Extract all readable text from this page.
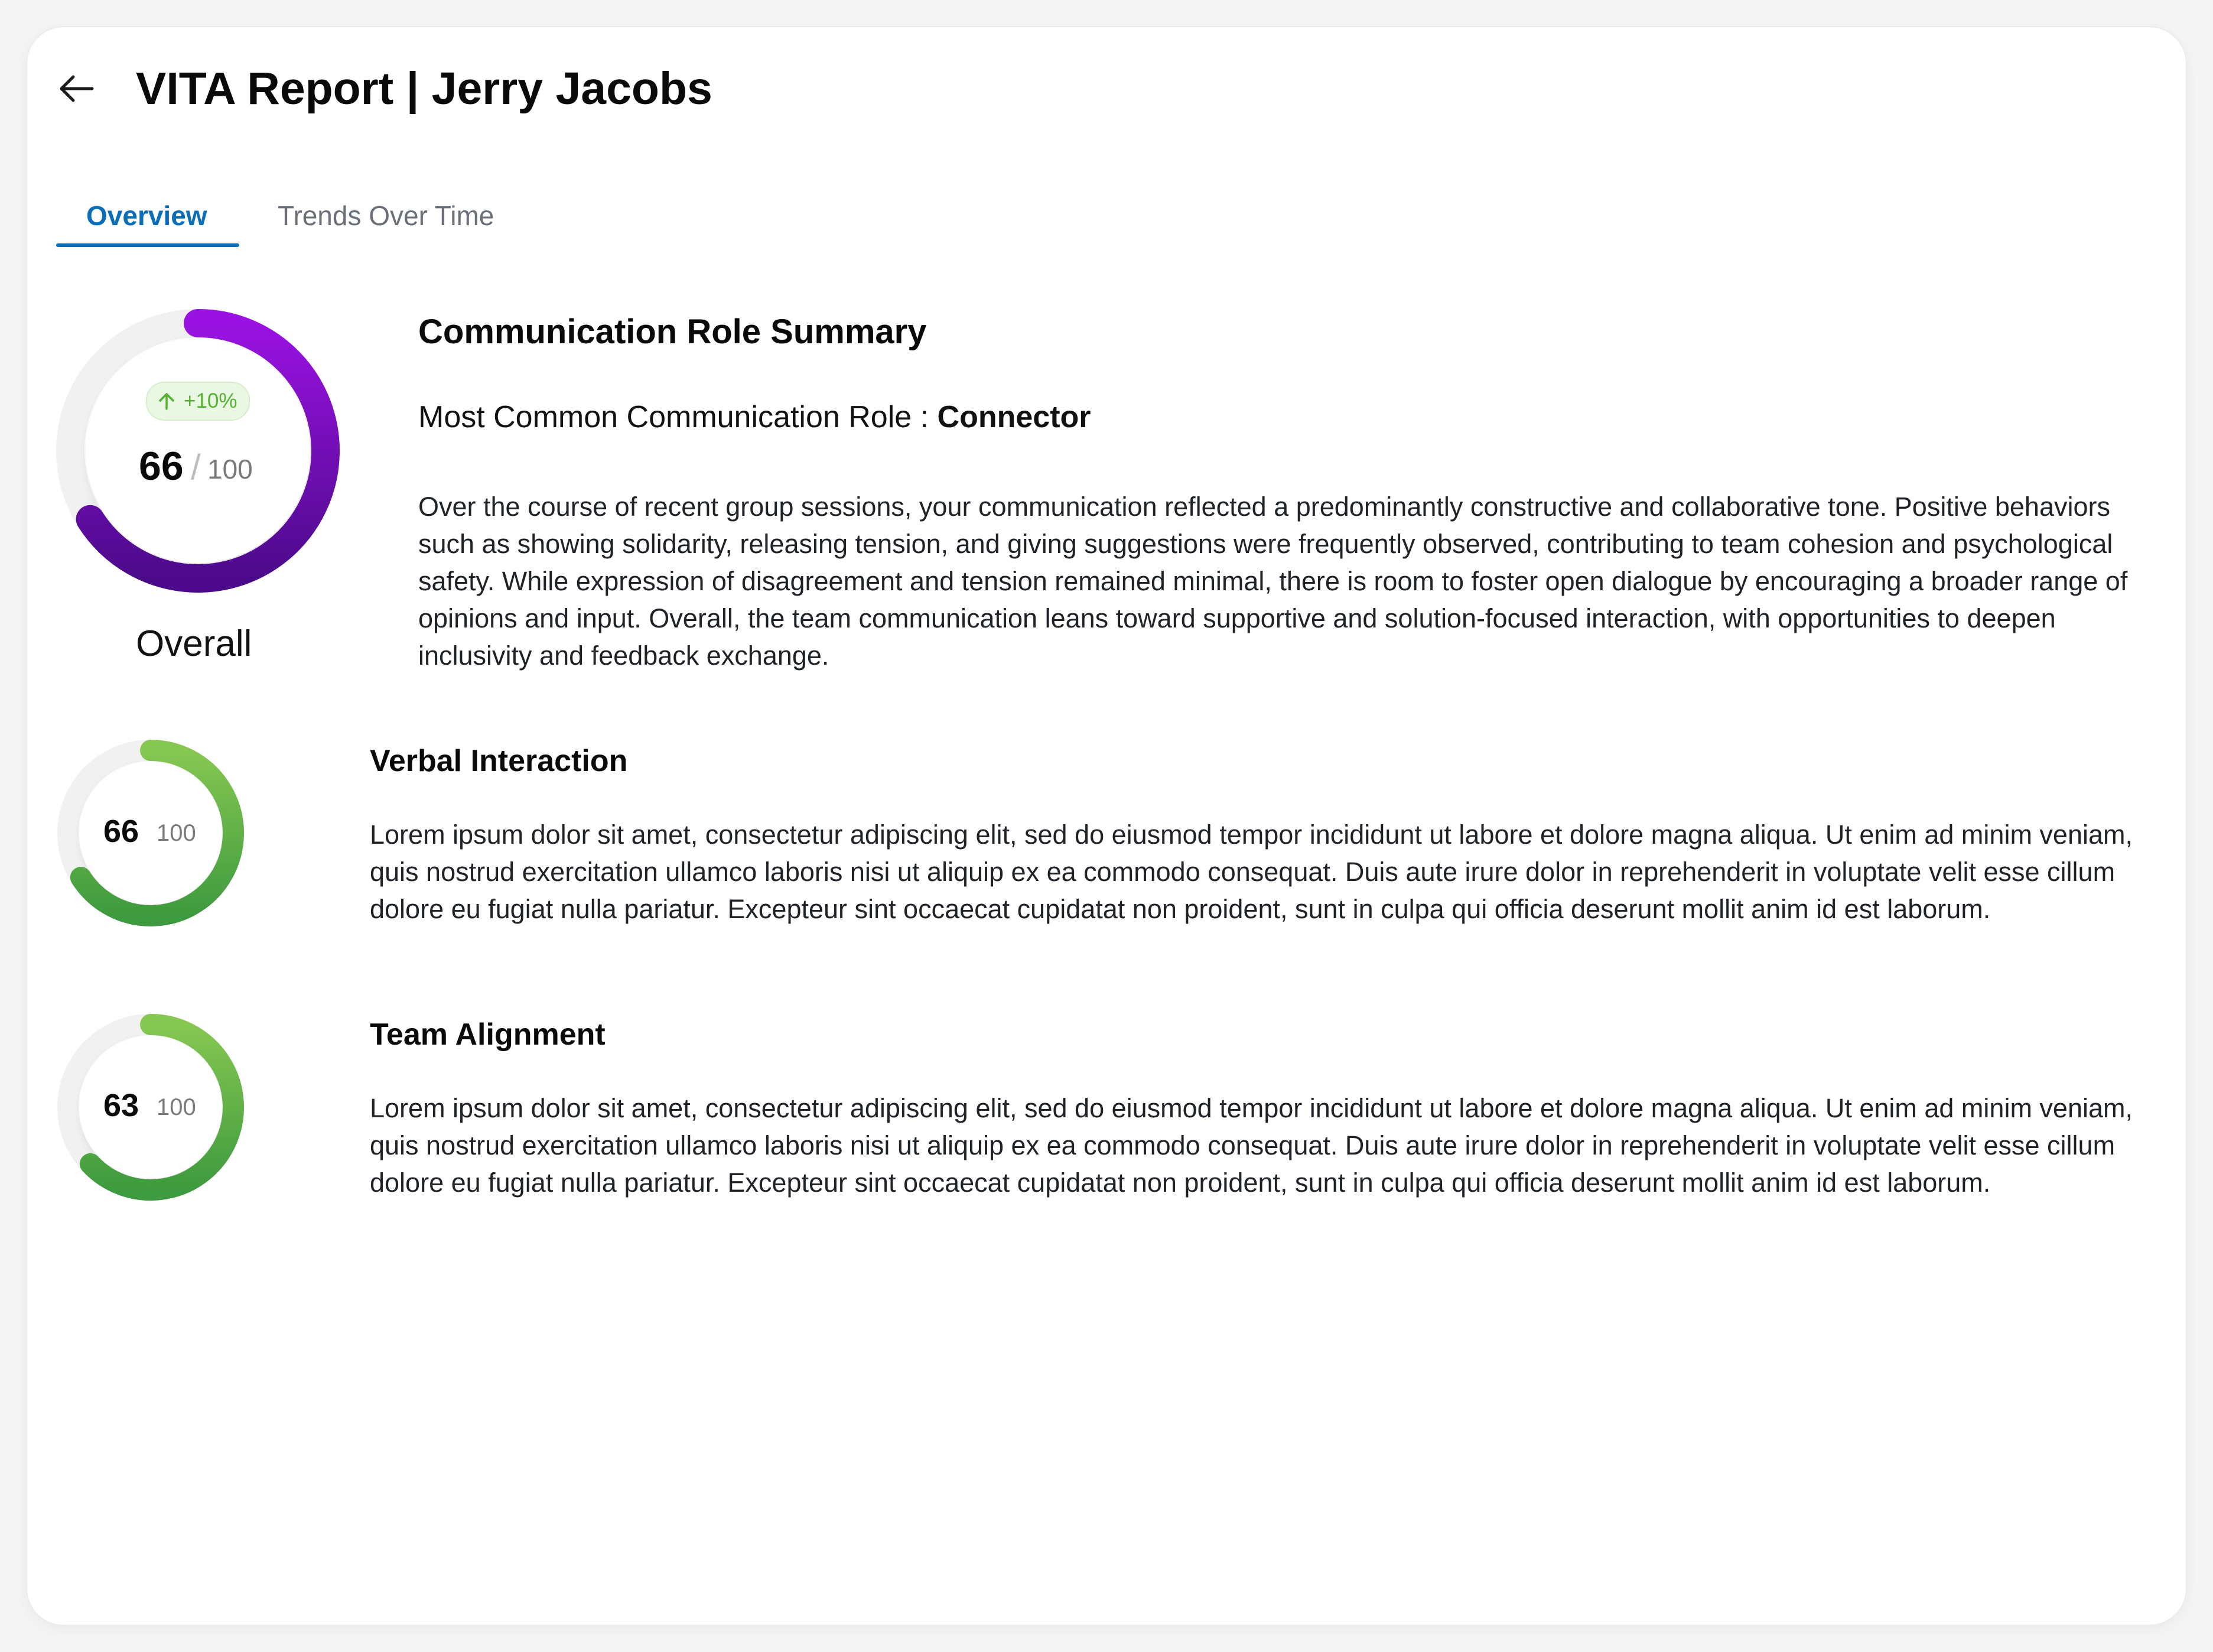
VITA Report | Jerry Jacobs
Overview	Trends Over Time
+10%
66 / 100
Overall
Communication Role Summary
Most Common Communication Role : Connector
Over the course of recent group sessions, your communication reflected a predominantly constructive and collaborative tone. Positive behaviors such as showing solidarity, releasing tension, and giving suggestions were frequently observed, contributing to team cohesion and psychological safety. While expression of disagreement and tension remained minimal, there is room to foster open dialogue by encouraging a broader range of opinions and input. Overall, the team communication leans toward supportive and solution-focused interaction, with opportunities to deepen inclusivity and feedback exchange.
66 100
Verbal Interaction
Lorem ipsum dolor sit amet, consectetur adipiscing elit, sed do eiusmod tempor incididunt ut labore et dolore magna aliqua. Ut enim ad minim veniam, quis nostrud exercitation ullamco laboris nisi ut aliquip ex ea commodo consequat. Duis aute irure dolor in reprehenderit in voluptate velit esse cillum dolore eu fugiat nulla pariatur. Excepteur sint occaecat cupidatat non proident, sunt in culpa qui officia deserunt mollit anim id est laborum.
63 100
Team Alignment
Lorem ipsum dolor sit amet, consectetur adipiscing elit, sed do eiusmod tempor incididunt ut labore et dolore magna aliqua. Ut enim ad minim veniam, quis nostrud exercitation ullamco laboris nisi ut aliquip ex ea commodo consequat. Duis aute irure dolor in reprehenderit in voluptate velit esse cillum dolore eu fugiat nulla pariatur. Excepteur sint occaecat cupidatat non proident, sunt in culpa qui officia deserunt mollit anim id est laborum.
